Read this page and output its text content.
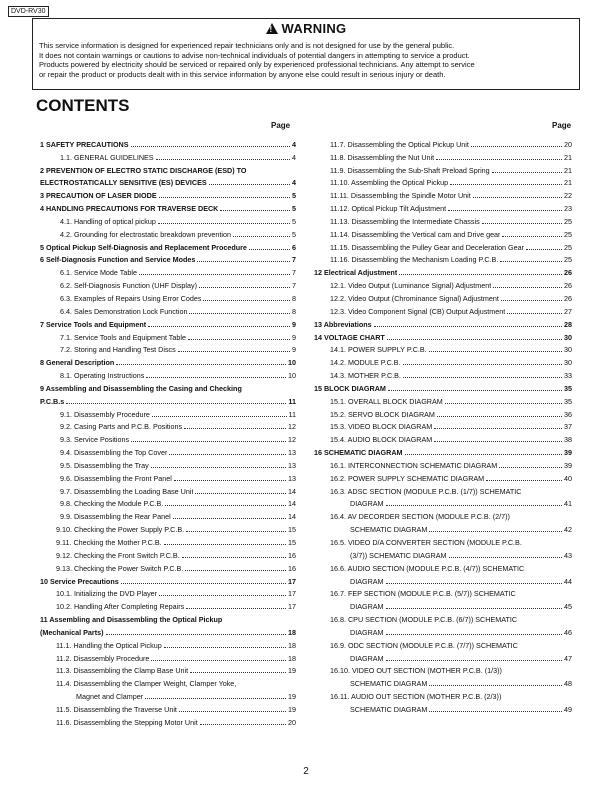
DVD-RV30
!WARNING
This service information is designed for experienced repair technicians only and is not designed for use by the general public.
It does not contain warnings or cautions to advise non-technical individuals of potential dangers in attempting to service a product.
Products powered by electricity should be serviced or repaired only by experienced professional technicians. Any attempt to service
or repair the product or products dealt with in this service information by anyone else could result in serious injury or death.
CONTENTS
Page	Page
1 SAFETY PRECAUTIONS	4
1.1. GENERAL GUIDELINES	4
2 PREVENTION OF ELECTRO STATIC DISCHARGE (ESD) TO
ELECTROSTATICALLY SENSITIVE (ES) DEVICES	4
3 PRECAUTION OF LASER DIODE	5
4 HANDLING PRECAUTIONS FOR TRAVERSE DECK	5
4.1. Handling of optical pickup	5
4.2. Grounding for electrostatic breakdown prevention	5
5 Optical Pickup Self-Diagnosis and Replacement Procedure	6
6 Self-Diagnosis Function and Service Modes	7
6.1. Service Mode Table	7
6.2. Self-Diagnosis Function (UHF Display)	7
6.3. Examples of Repairs Using Error Codes	8
6.4. Sales Demonstration Lock Function	8
7 Service Tools and Equipment	9
7.1. Service Tools and Equipment Table	9
7.2. Storing and Handling Test Discs	9
8 General Description	10
8.1. Operating Instructions	10
9 Assembling and Disassembling the Casing and Checking
P.C.B.s	11
9.1. Disassembly Procedure	11
9.2. Casing Parts and P.C.B. Positions	12
9.3. Service Positions	12
9.4. Disassembling the Top Cover	13
9.5. Disassembling the Tray	13
9.6. Disassembling the Front Panel	13
9.7. Disassembling the Loading Base Unit	14
9.8. Checking the Module P.C.B.	14
9.9. Disassembling the Rear Panel	14
9.10. Checking the Power Supply P.C.B.	15
9.11. Checking the Mother P.C.B.	15
9.12. Checking the Front Switch P.C.B.	16
9.13. Checking the Power Switch P.C.B.	16
10 Service Precautions	17
10.1. Initializing the DVD Player	17
10.2. Handling After Completing Repairs	17
11 Assembling and Disassembling the Optical Pickup
(Mechanical Parts)	18
11.1. Handling the Optical Pickup	18
11.2. Disassembly Procedure	18
11.3. Disassembling the Clamp Base Unit	19
11.4. Disassembling the Clamper Weight, Clamper Yoke,
Magnet and Clamper	19
11.5. Disassembling the Traverse Unit	19
11.6. Disassembling the Stepping Motor Unit	20
11.7. Disassembling the Optical Pickup Unit	20
11.8. Disassembling the Nut Unit	21
11.9. Disassembling the Sub-Shaft Preload Spring	21
11.10. Assembling the Optical Pickup	21
11.11. Disassembling the Spindle Motor Unit	22
11.12. Optical Pickup Tilt Adjustment	23
11.13. Disassembling the Intermediate Chassis	25
11.14. Disassembling the Vertical cam and Drive gear	25
11.15. Disassembling the Pulley Gear and Deceleration Gear	25
11.16. Disassembling the Mechanism Loading P.C.B.	25
12 Electrical Adjustment	26
12.1. Video Output (Luminance Signal) Adjustment	26
12.2. Video Output (Chrominance Signal) Adjustment	26
12.3. Video Component Signal (CB) Output Adjustment	27
13 Abbreviations	28
14 VOLTAGE CHART	30
14.1. POWER SUPPLY P.C.B.	30
14.2. MODULE P.C.B.	30
14.3. MOTHER P.C.B.	33
15 BLOCK DIAGRAM	35
15.1. OVERALL BLOCK DIAGRAM	35
15.2. SERVO BLOCK DIAGRAM	36
15.3. VIDEO BLOCK DIAGRAM	37
15.4. AUDIO BLOCK DIAGRAM	38
16 SCHEMATIC DIAGRAM	39
16.1. INTERCONNECTION SCHEMATIC DIAGRAM	39
16.2. POWER SUPPLY SCHEMATIC DIAGRAM	40
16.3. ADSC SECTION (MODULE P.C.B. (1/7)) SCHEMATIC
DIAGRAM	41
16.4. AV DECORDER SECTION (MODULE P.C.B. (2/7))
SCHEMATIC DIAGRAM	42
16.5. VIDEO D/A CONVERTER SECTION (MODULE P.C.B.
(3/7)) SCHEMATIC DIAGRAM	43
16.6. AUDIO SECTION (MODULE P.C.B. (4/7)) SCHEMATIC
DIAGRAM	44
16.7. FEP SECTION (MODULE P.C.B. (5/7)) SCHEMATIC
DIAGRAM	45
16.8. CPU SECTION (MODULE P.C.B. (6/7)) SCHEMATIC
DIAGRAM	46
16.9. ODC SECTION (MODULE P.C.B. (7/7)) SCHEMATIC
DIAGRAM	47
16.10. VIDEO OUT SECTION (MOTHER P.C.B. (1/3))
SCHEMATIC DIAGRAM	48
16.11. AUDIO OUT SECTION (MOTHER P.C.B. (2/3))
SCHEMATIC DIAGRAM	49
2
